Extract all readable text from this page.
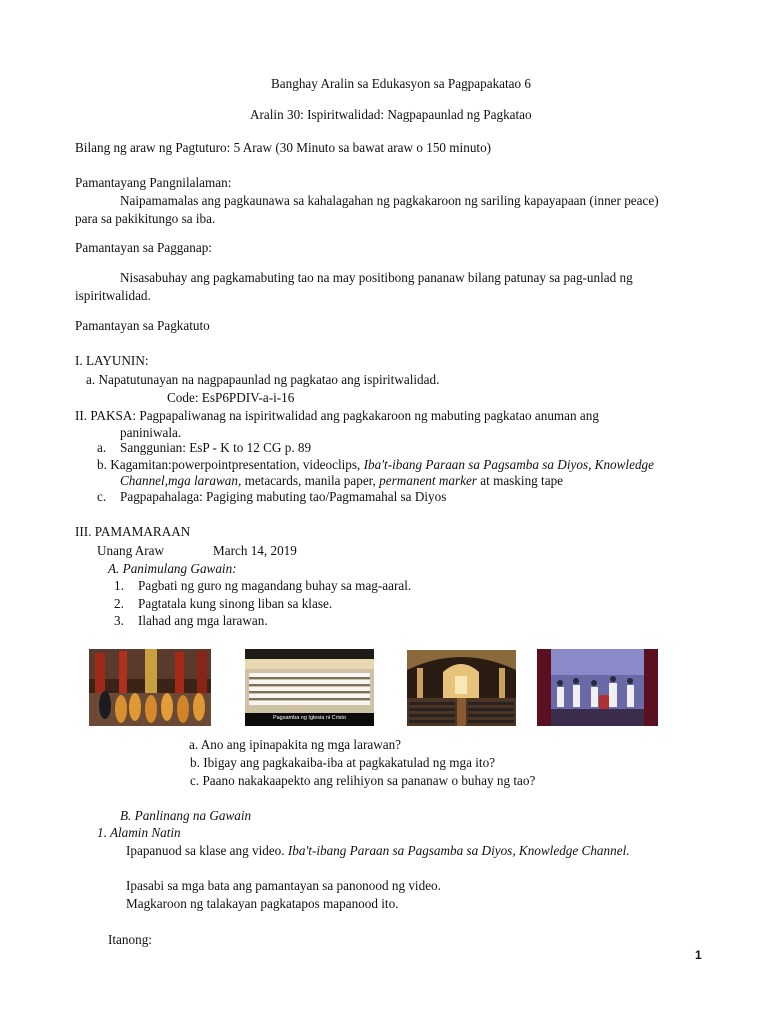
Banghay Aralin sa Edukasyon sa Pagpapakatao 6
Aralin 30: Ispiritwalidad: Nagpapaunlad ng Pagkatao
Bilang ng araw ng Pagtuturo: 5 Araw (30 Minuto sa bawat araw o 150 minuto)
Pamantayang Pangnilalaman:
Naipamamalas ang pagkaunawa sa kahalagahan ng pagkakaroon ng sariling kapayapaan (inner peace)
para sa pakikitungo sa iba.
Pamantayan sa Pagganap:
Nisasabuhay ang pagkamabuting tao na may positibong pananaw bilang patunay sa pag-unlad ng
ispiritwalidad.
Pamantayan sa Pagkatuto
I. LAYUNIN:
a. Napatutunayan na nagpapaunlad ng pagkatao ang ispiritwalidad.
Code: EsP6PDIV-a-i-16
II. PAKSA: Pagpapaliwanag na ispiritwalidad ang pagkakaroon ng mabuting pagkatao anuman ang
paniniwala.
a. Sanggunian: EsP - K to 12 CG p. 89
b. Kagamitan:powerpointpresentation, videoclips, Iba't-ibang Paraan sa Pagsamba sa Diyos, Knowledge
Channel,mga larawan, metacards, manila paper, permanent marker at masking tape
c. Pagpapahalaga: Pagiging mabuting tao/Pagmamahal sa Diyos
III. PAMAMARAAN
Unang Araw	March 14, 2019
A. Panimulang Gawain:
1. Pagbati ng guro ng magandang buhay sa mag-aaral.
2. Pagtatala kung sinong liban sa klase.
3. Ilahad ang mga larawan.
Pagsamba ng Iglesia ni Cristo
a. Ano ang ipinapakita ng mga larawan?
b. Ibigay ang pagkakaiba-iba at pagkakatulad ng mga ito?
c. Paano nakakaapekto ang relihiyon sa pananaw o buhay ng tao?
B. Panlinang na Gawain
1. Alamin Natin
Ipapanuod sa klase ang video. Iba't-ibang Paraan sa Pagsamba sa Diyos, Knowledge Channel.
Ipasabi sa mga bata ang pamantayan sa panonood ng video.
Magkaroon ng talakayan pagkatapos mapanood ito.
Itanong:
1
